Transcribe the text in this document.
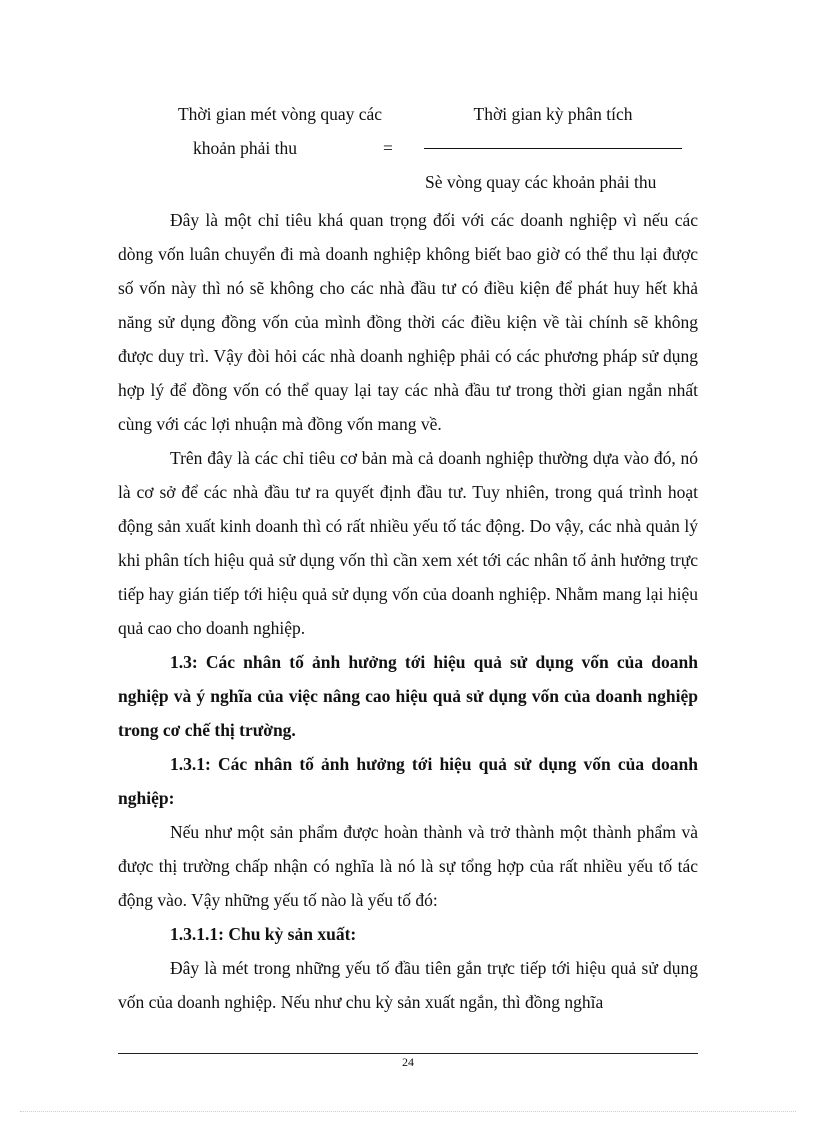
Thời gian mét vòng quay các
khoản phải thu	=
Thời gian kỳ phân tích
Sè vòng quay các khoản phải thu

Đây là một chỉ tiêu khá quan trọng đối với các doanh nghiệp vì nếu các dòng vốn luân chuyển đi mà doanh nghiệp không biết bao giờ có thể thu lại được số vốn này thì nó sẽ không cho các nhà đầu tư có điều kiện để phát huy hết khả năng sử dụng đồng vốn của mình đồng thời các điều kiện về tài chính sẽ không được duy trì. Vậy đòi hỏi các nhà doanh nghiệp phải có các phương pháp sử dụng hợp lý để đồng vốn có thể quay lại tay các nhà đầu tư trong thời gian ngắn nhất cùng với các lợi nhuận mà đồng vốn mang về.

Trên đây là các chỉ tiêu cơ bản mà cả doanh nghiệp thường dựa vào đó, nó là cơ sở để các nhà đầu tư ra quyết định đầu tư. Tuy nhiên, trong quá trình hoạt động sản xuất kinh doanh thì có rất nhiều yếu tố tác động. Do vậy, các nhà quản lý khi phân tích hiệu quả sử dụng vốn thì cần xem xét tới các nhân tố ảnh hưởng trực tiếp hay gián tiếp tới hiệu quả sử dụng vốn của doanh nghiệp. Nhằm mang lại hiệu quả cao cho doanh nghiệp.

1.3: Các nhân tố ảnh hưởng tới hiệu quả sử dụng vốn của doanh nghiệp và ý nghĩa của việc nâng cao hiệu quả sử dụng vốn của doanh nghiệp trong cơ chế thị trường.

1.3.1: Các nhân tố ảnh hưởng tới hiệu quả sử dụng vốn của doanh nghiệp:

Nếu như một sản phẩm được hoàn thành và trở thành một thành phẩm và được thị trường chấp nhận có nghĩa là nó là sự tổng hợp của rất nhiều yếu tố tác động vào. Vậy những yếu tố nào là yếu tố đó:

1.3.1.1: Chu kỳ sản xuất:

Đây là mét trong những yếu tố đầu tiên gắn trực tiếp tới hiệu quả sử dụng vốn của doanh nghiệp. Nếu như chu kỳ sản xuất ngắn, thì đồng nghĩa

24
